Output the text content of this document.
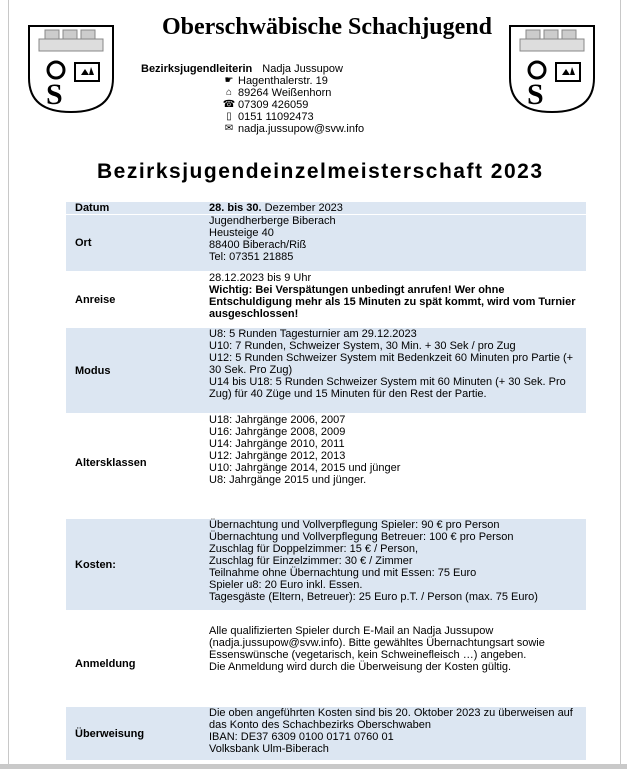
S	S
Oberschwäbische Schachjugend
Bezirksjugendleiterin Nadja Jussupow
☛ Hagenthalerstr. 19
⌂ 89264 Weißenhorn
☎ 07309 426059
▯ 0151 11092473
✉ nadja.jussupow@svw.info
Bezirksjugendeinzelmeisterschaft 2023
Datum	28. bis 30. Dezember 2023
Ort

Jugendherberge Biberach

Heusteige 40

88400 Biberach/Riß

Tel: 07351 21885

Anreise

28.12.2023 bis 9 Uhr

Wichtig: Bei Verspätungen unbedingt anrufen! Wer ohne Entschuldigung mehr als 15 Minuten zu spät kommt, wird vom Turnier ausgeschlossen!

Modus

U8: 5 Runden Tagesturnier am 29.12.2023

U10: 7 Runden, Schweizer System, 30 Min. + 30 Sek / pro Zug

U12: 5 Runden Schweizer System mit Bedenkzeit 60 Minuten pro Partie (+ 30 Sek. Pro Zug)

U14 bis U18: 5 Runden Schweizer System mit 60 Minuten (+ 30 Sek. Pro Zug) für 40 Züge und 15 Minuten für den Rest der Partie.

Altersklassen

U18: Jahrgänge 2006, 2007

U16: Jahrgänge 2008, 2009

U14: Jahrgänge 2010, 2011

U12: Jahrgänge 2012, 2013

U10: Jahrgänge 2014, 2015 und jünger

U8: Jahrgänge 2015 und jünger.

Kosten:

Übernachtung und Vollverpflegung Spieler: 90 € pro Person

Übernachtung und Vollverpflegung Betreuer: 100 € pro Person

Zuschlag für Doppelzimmer: 15 € / Person,

Zuschlag für Einzelzimmer: 30 € / Zimmer

Teilnahme ohne Übernachtung und mit Essen: 75 Euro

Spieler u8: 20 Euro inkl. Essen.

Tagesgäste (Eltern, Betreuer): 25 Euro p.T. / Person (max. 75 Euro)

Anmeldung

Alle qualifizierten Spieler durch E-Mail an Nadja Jussupow (nadja.jussupow@svw.info). Bitte gewähltes Übernachtungsart sowie Essenswünsche (vegetarisch, kein Schweinefleisch …) angeben.

Die Anmeldung wird durch die Überweisung der Kosten gültig.

Überweisung

Die oben angeführten Kosten sind bis 20. Oktober 2023 zu überweisen auf das Konto des Schachbezirks Oberschwaben

IBAN: DE37 6309 0100 0171 0760 01

Volksbank Ulm-Biberach
